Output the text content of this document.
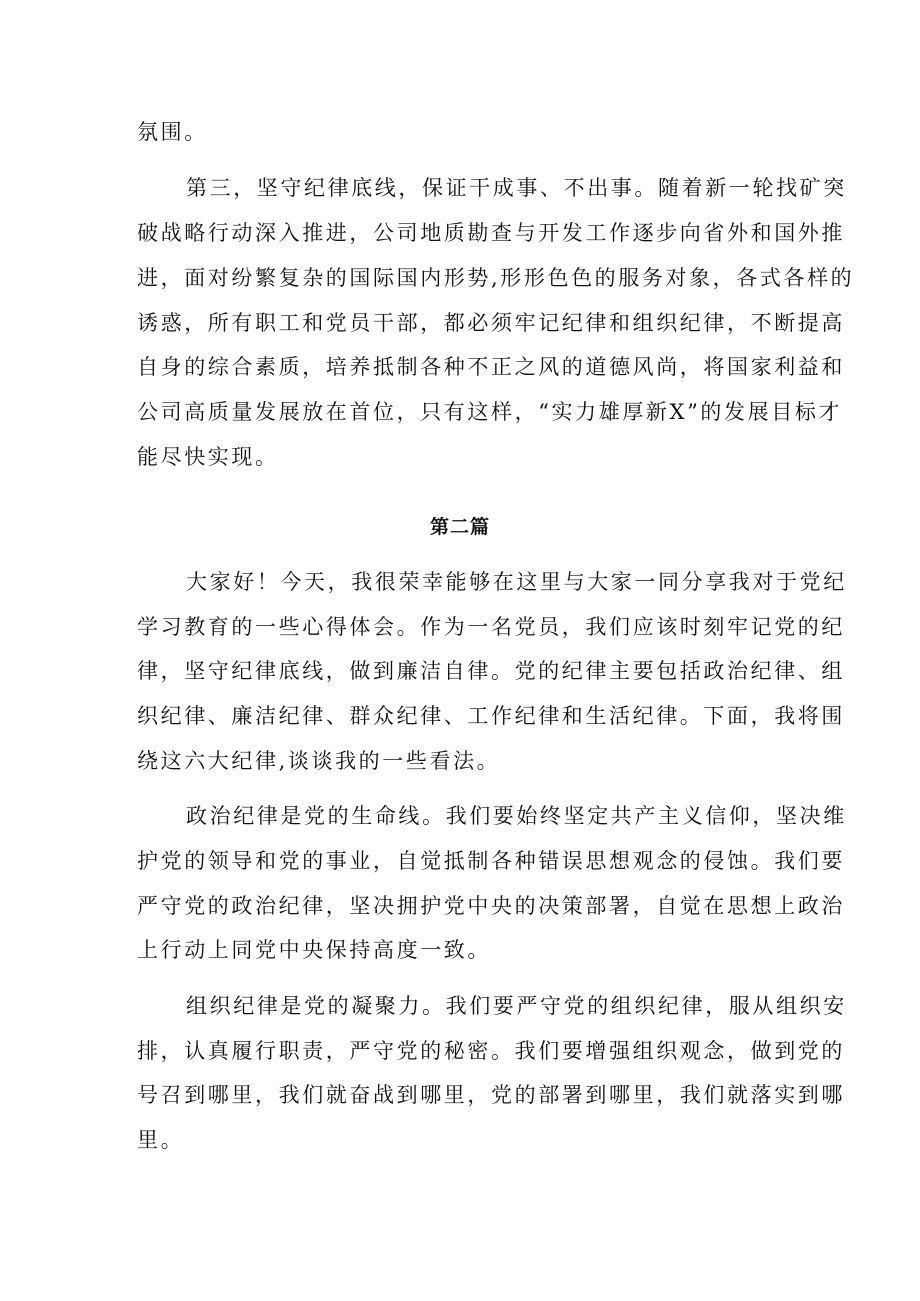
氛围。
第三，坚守纪律底线，保证干成事、不出事。随着新一轮找矿突
破战略行动深入推进，公司地质勘查与开发工作逐步向省外和国外推
进，面对纷繁复杂的国际国内形势,形形色色的服务对象，各式各样的
诱惑，所有职工和党员干部，都必须牢记纪律和组织纪律，不断提高
自身的综合素质，培养抵制各种不正之风的道德风尚，将国家利益和
公司高质量发展放在首位，只有这样，“实力雄厚新X”的发展目标才
能尽快实现。
第二篇
大家好！今天，我很荣幸能够在这里与大家一同分享我对于党纪
学习教育的一些心得体会。作为一名党员，我们应该时刻牢记党的纪
律，坚守纪律底线，做到廉洁自律。党的纪律主要包括政治纪律、组
织纪律、廉洁纪律、群众纪律、工作纪律和生活纪律。下面，我将围
绕这六大纪律,谈谈我的一些看法。
政治纪律是党的生命线。我们要始终坚定共产主义信仰，坚决维
护党的领导和党的事业，自觉抵制各种错误思想观念的侵蚀。我们要
严守党的政治纪律，坚决拥护党中央的决策部署，自觉在思想上政治
上行动上同党中央保持高度一致。
组织纪律是党的凝聚力。我们要严守党的组织纪律，服从组织安
排，认真履行职责，严守党的秘密。我们要增强组织观念，做到党的
号召到哪里，我们就奋战到哪里，党的部署到哪里，我们就落实到哪
里。
